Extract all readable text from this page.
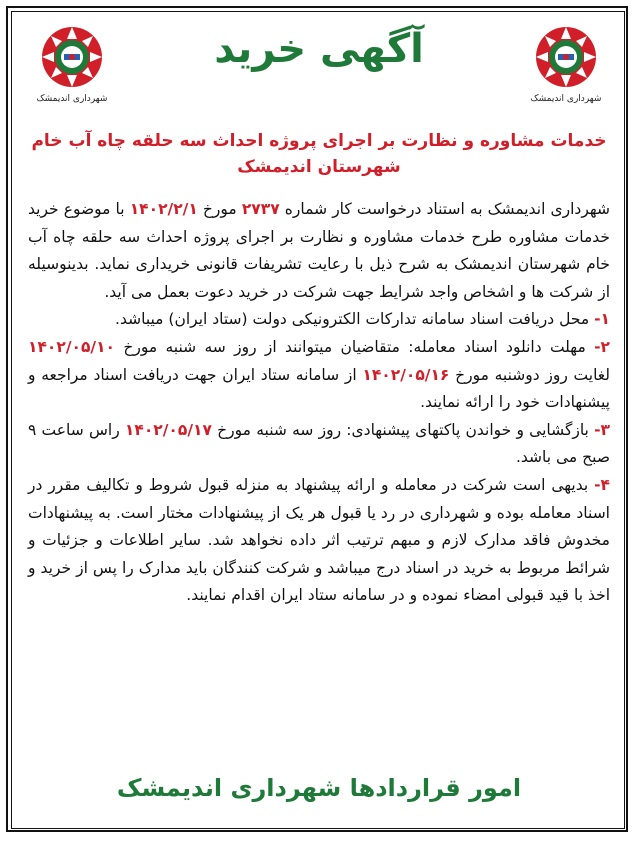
شهرداری اندیمشک	شهرداری اندیمشک
آگهی خرید
خدمات مشاوره و نظارت بر اجرای پروژه احداث سه حلقه چاه آب خام
شهرستان اندیمشک

شهرداری اندیمشک به استناد درخواست کار شماره ۲۷۳۷ مورخ ۱۴۰۲/۲/۱ با موضوع خرید خدمات مشاوره طرح خدمات مشاوره و نظارت بر اجرای پروژه احداث سه حلقه چاه آب خام شهرستان اندیمشک به شرح ذیل با رعایت تشریفات قانونی خریداری نماید. بدینوسیله از شرکت ها و اشخاص واجد شرایط جهت شرکت در خرید دعوت بعمل می آید.

۱- محل دریافت اسناد سامانه تدارکات الکترونیکی دولت (ستاد ایران) میباشد.

۲- مهلت دانلود اسناد معامله: متقاضیان میتوانند از روز سه شنبه مورخ ۱۴۰۲/۰۵/۱۰ لغایت روز دوشنبه مورخ ۱۴۰۲/۰۵/۱۶ از سامانه ستاد ایران جهت دریافت اسناد مراجعه و پیشنهادات خود را ارائه نمایند.

۳- بازگشایی و خواندن پاکتهای پیشنهادی: روز سه شنبه مورخ ۱۴۰۲/۰۵/۱۷ راس ساعت ۹ صبح می باشد.

۴- بدیهی است شرکت در معامله و ارائه پیشنهاد به منزله قبول شروط و تکالیف مقرر در اسناد معامله بوده و شهرداری در رد یا قبول هر یک از پیشنهادات مختار است. به پیشنهادات مخدوش فاقد مدارک لازم و مبهم ترتیب اثر داده نخواهد شد. سایر اطلاعات و جزئیات و شرائط مربوط به خرید در اسناد درج میباشد و شرکت کنندگان باید مدارک را پس از خرید و اخذ با قید قبولی امضاء نموده و در سامانه ستاد ایران اقدام نمایند.

امور قراردادها شهرداری اندیمشک
